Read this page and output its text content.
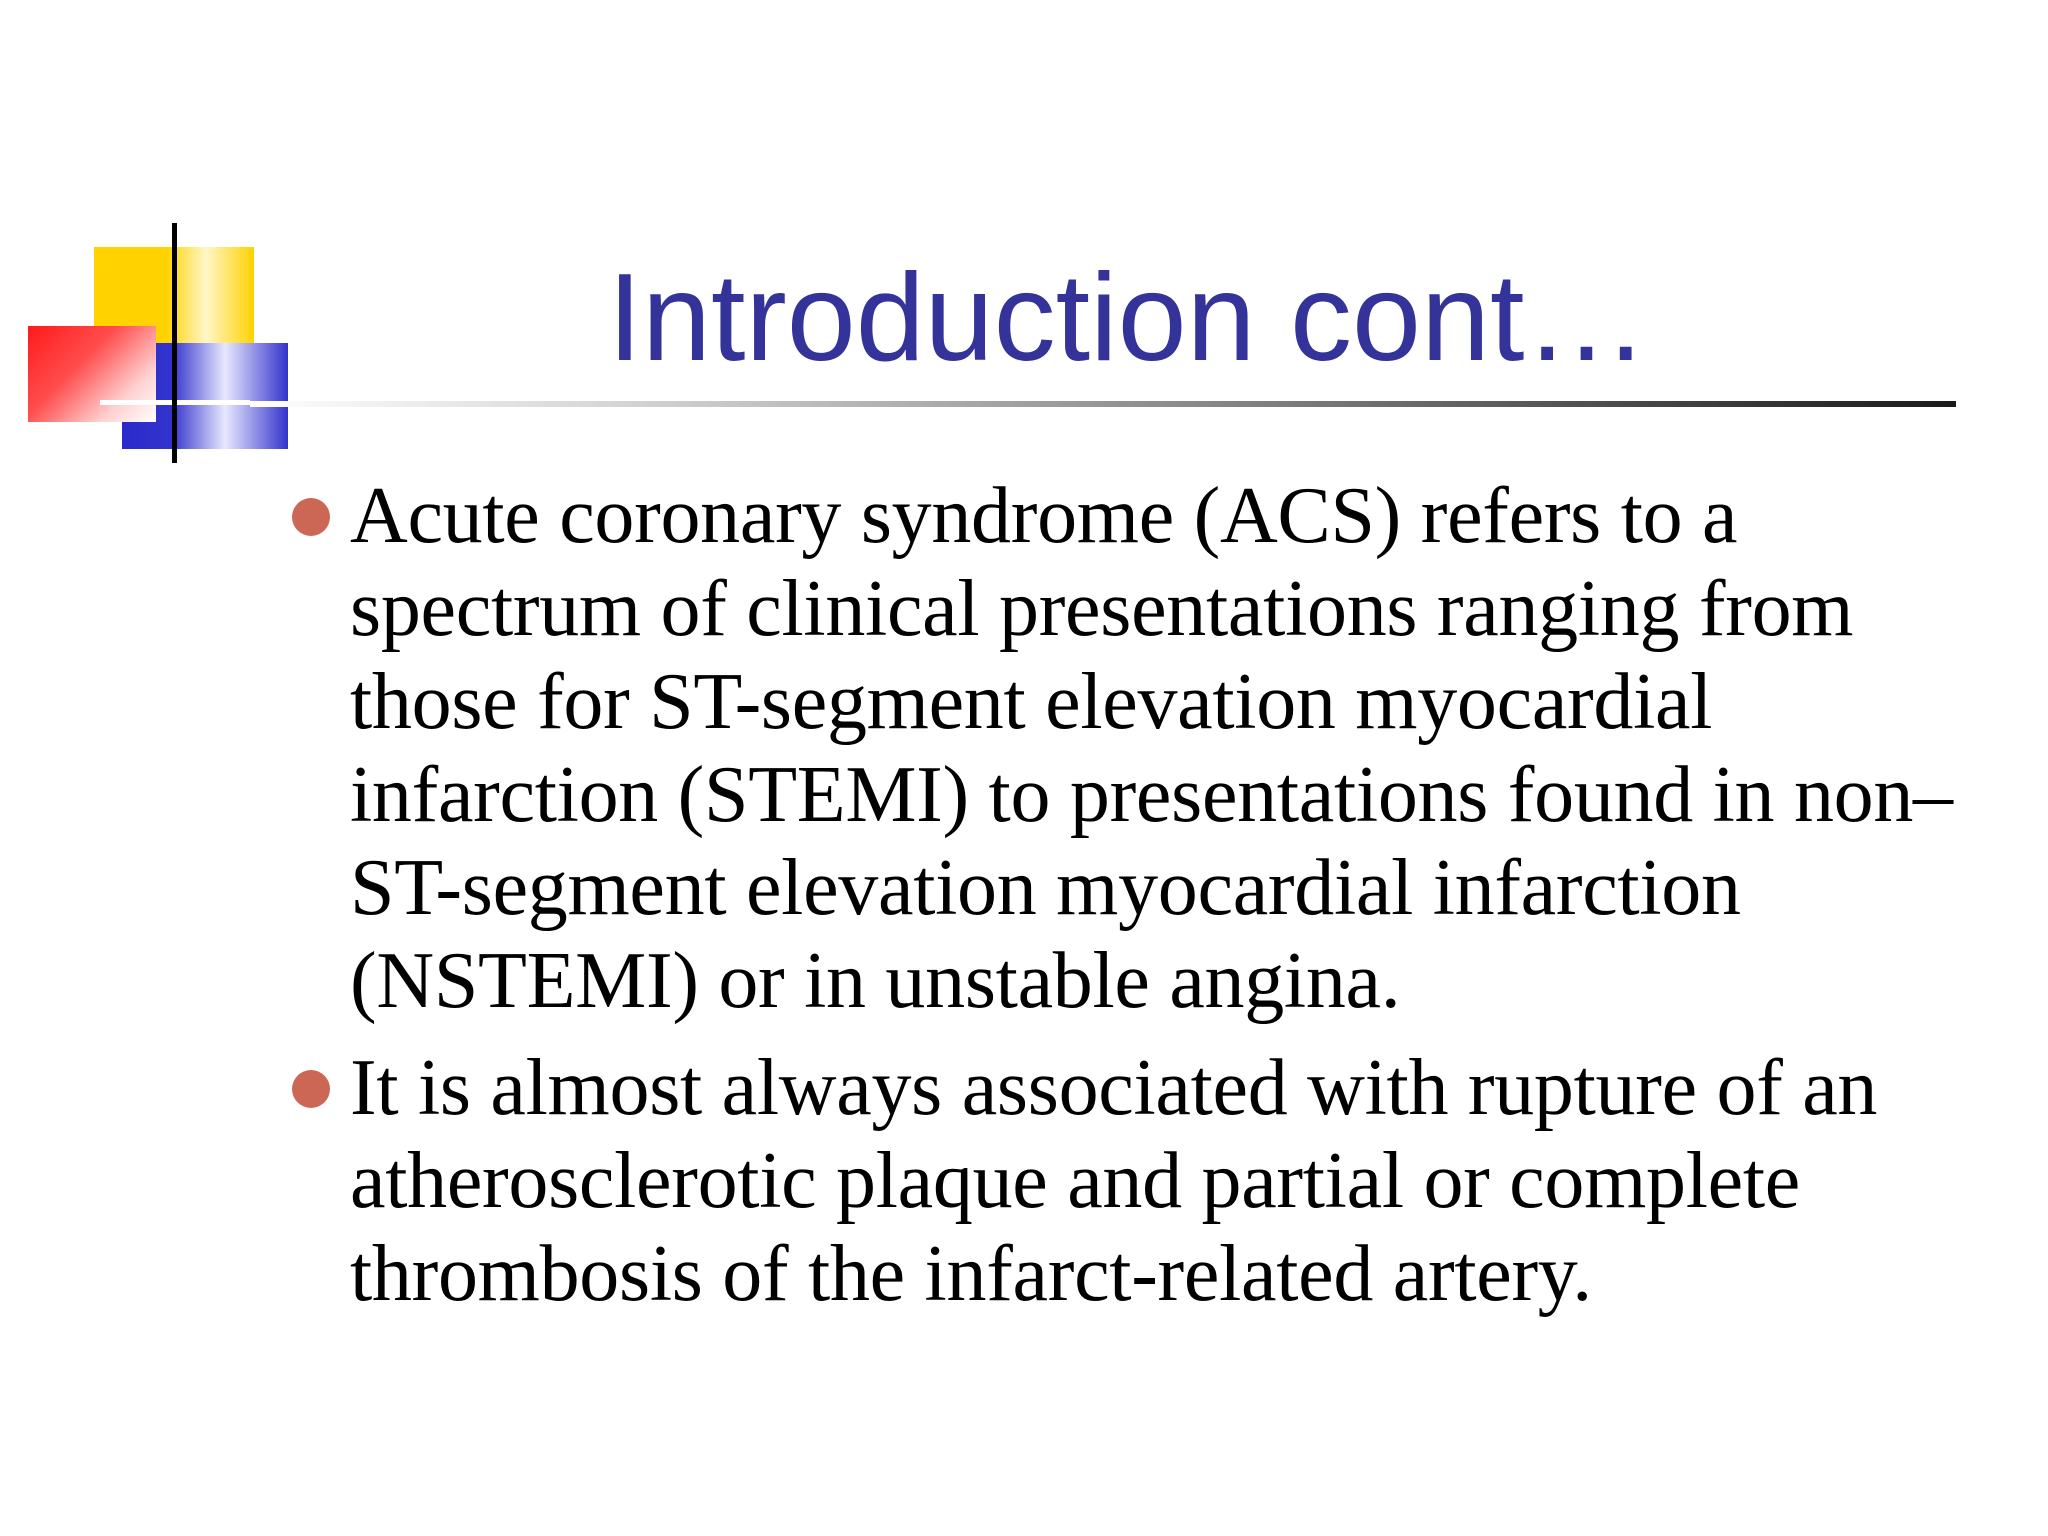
Introduction cont…
Acute coronary syndrome (ACS) refers to a spectrum of clinical presentations ranging from those for ST-segment elevation myocardial infarction (STEMI) to presentations found in non–ST-segment elevation myocardial infarction (NSTEMI) or in unstable angina.
It is almost always associated with rupture of an atherosclerotic plaque and partial or complete thrombosis of the infarct-related artery.
